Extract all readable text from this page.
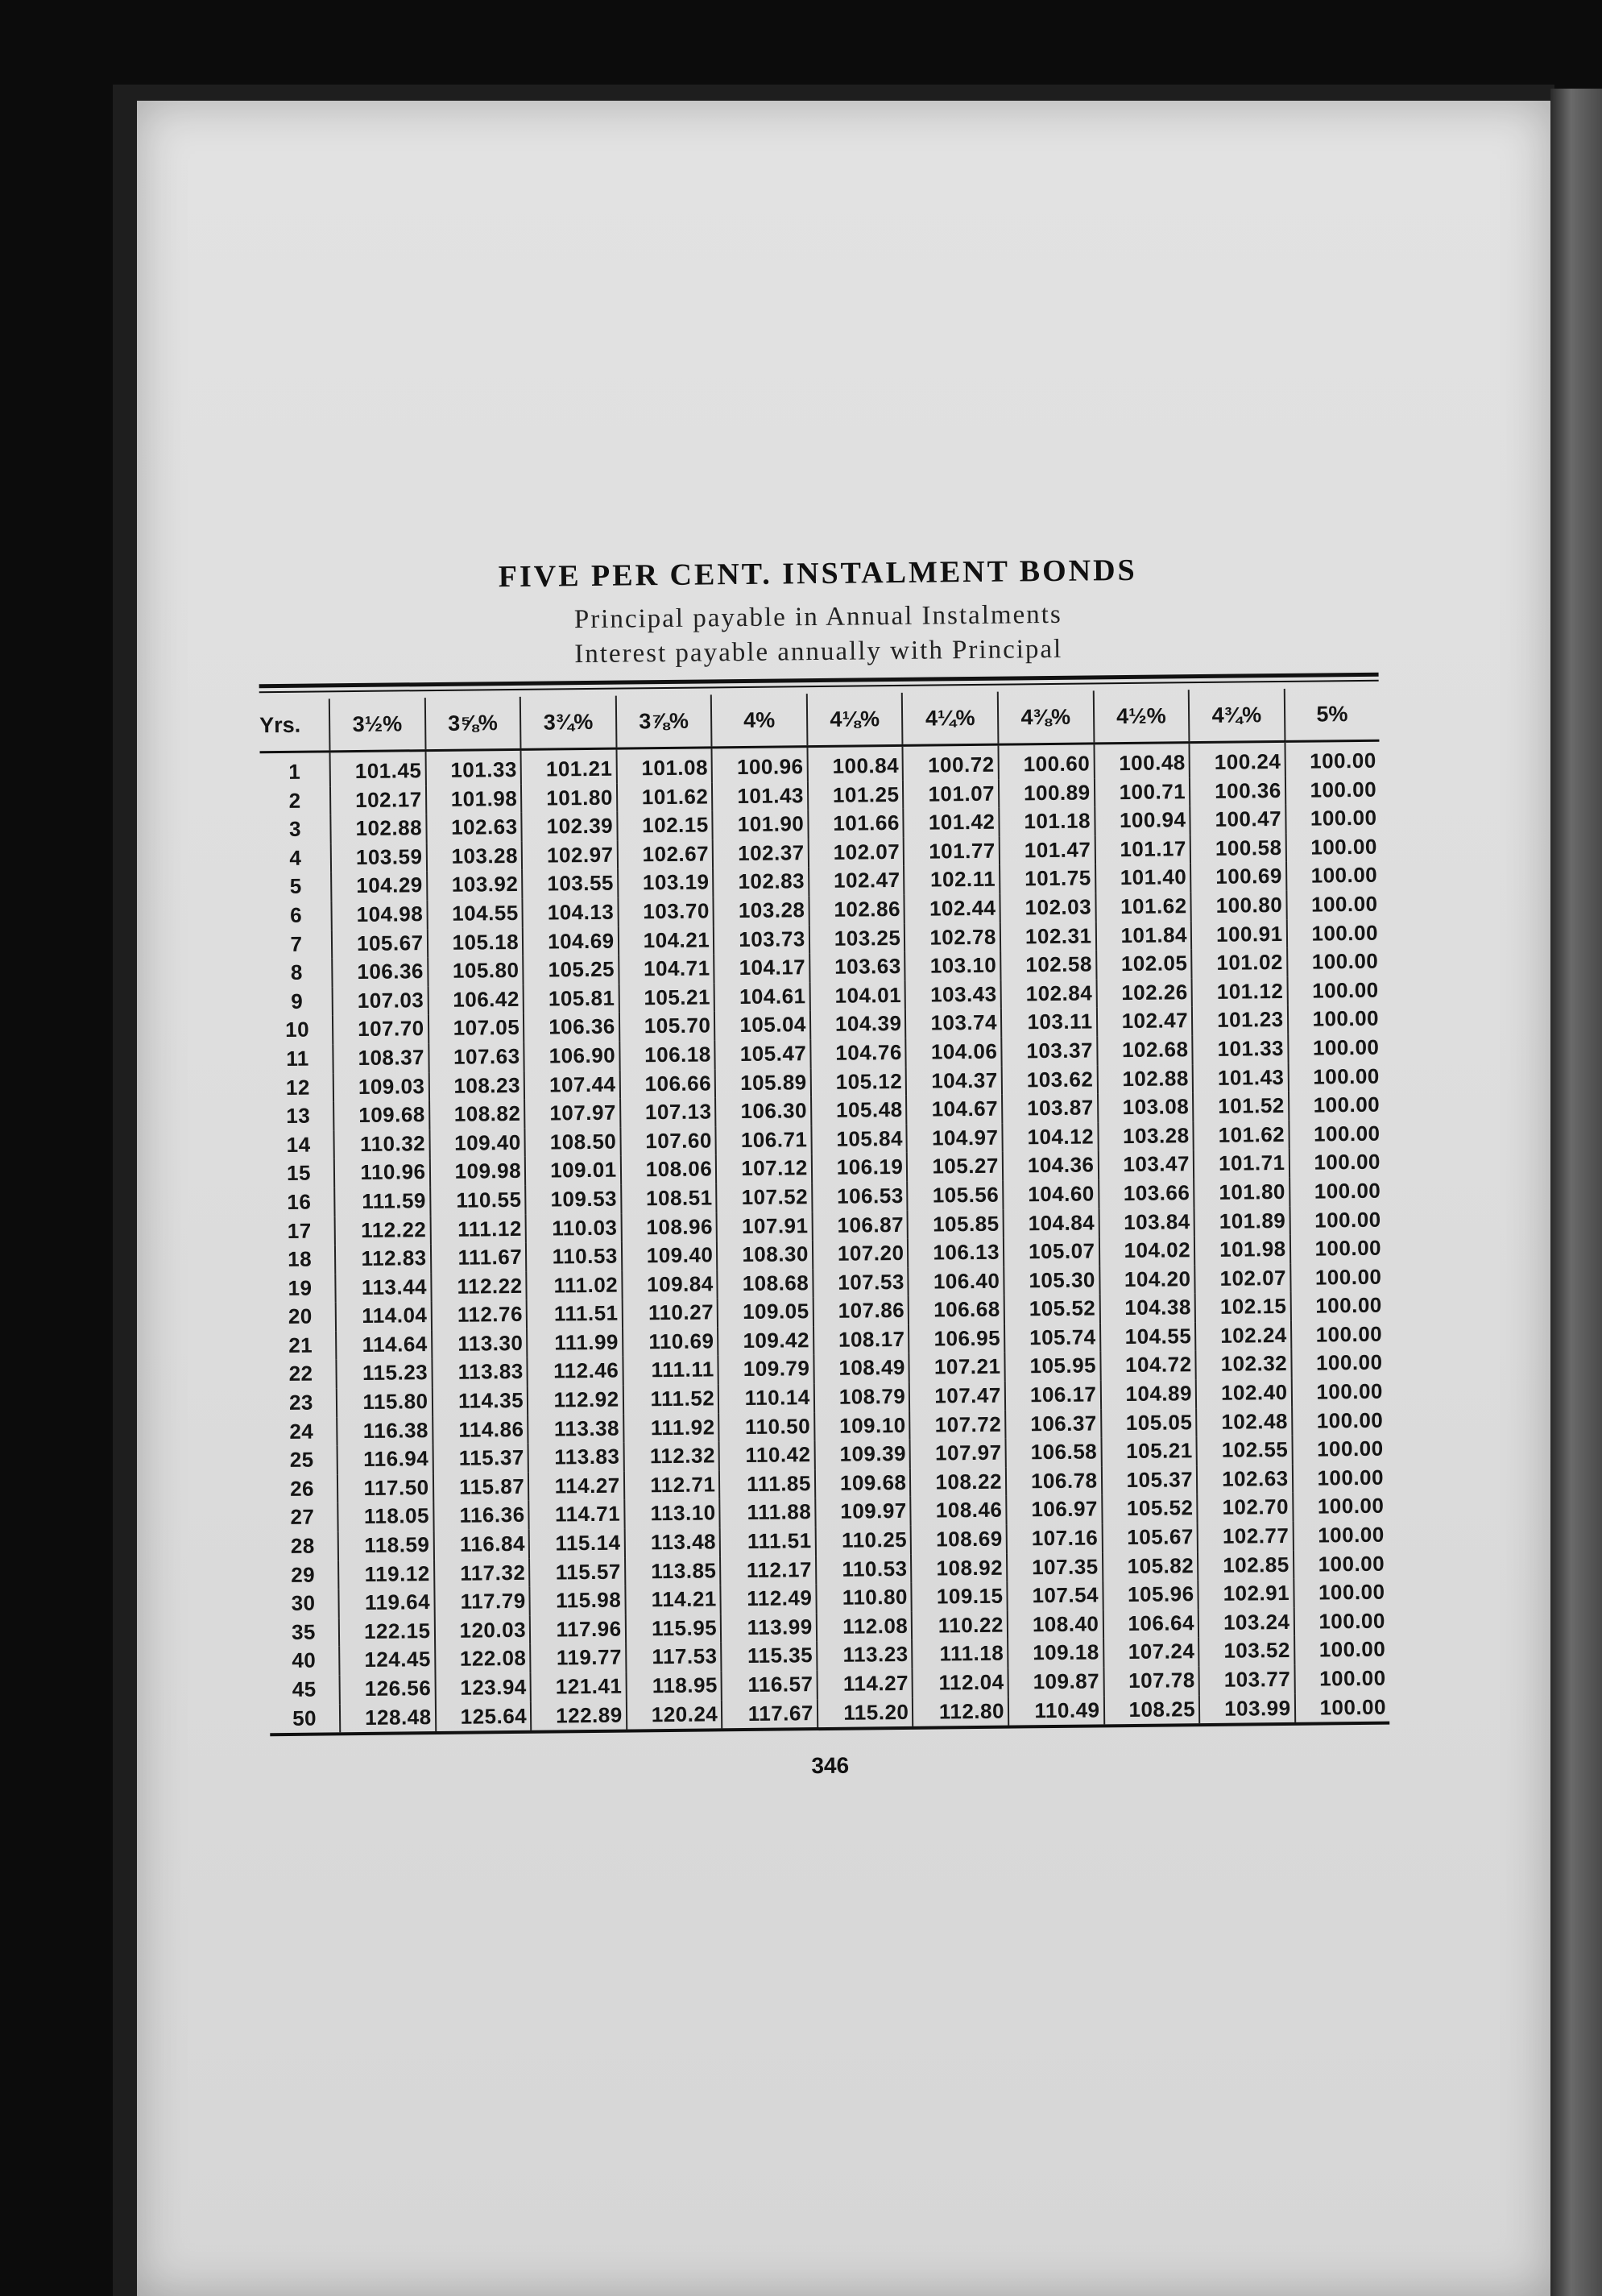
FIVE PER CENT. INSTALMENT BONDS
Principal payable in Annual Instalments
Interest payable annually with Principal
Yrs.	3½%	3⅝%	3¾%	3⅞%	4%	4⅛%	4¼%	4⅜%	4½%	4¾%	5%
1	101.45	101.33	101.21	101.08	100.96	100.84	100.72	100.60	100.48	100.24	100.00
2	102.17	101.98	101.80	101.62	101.43	101.25	101.07	100.89	100.71	100.36	100.00
3	102.88	102.63	102.39	102.15	101.90	101.66	101.42	101.18	100.94	100.47	100.00
4	103.59	103.28	102.97	102.67	102.37	102.07	101.77	101.47	101.17	100.58	100.00
5	104.29	103.92	103.55	103.19	102.83	102.47	102.11	101.75	101.40	100.69	100.00
6	104.98	104.55	104.13	103.70	103.28	102.86	102.44	102.03	101.62	100.80	100.00
7	105.67	105.18	104.69	104.21	103.73	103.25	102.78	102.31	101.84	100.91	100.00
8	106.36	105.80	105.25	104.71	104.17	103.63	103.10	102.58	102.05	101.02	100.00
9	107.03	106.42	105.81	105.21	104.61	104.01	103.43	102.84	102.26	101.12	100.00
10	107.70	107.05	106.36	105.70	105.04	104.39	103.74	103.11	102.47	101.23	100.00
11	108.37	107.63	106.90	106.18	105.47	104.76	104.06	103.37	102.68	101.33	100.00
12	109.03	108.23	107.44	106.66	105.89	105.12	104.37	103.62	102.88	101.43	100.00
13	109.68	108.82	107.97	107.13	106.30	105.48	104.67	103.87	103.08	101.52	100.00
14	110.32	109.40	108.50	107.60	106.71	105.84	104.97	104.12	103.28	101.62	100.00
15	110.96	109.98	109.01	108.06	107.12	106.19	105.27	104.36	103.47	101.71	100.00
16	111.59	110.55	109.53	108.51	107.52	106.53	105.56	104.60	103.66	101.80	100.00
17	112.22	111.12	110.03	108.96	107.91	106.87	105.85	104.84	103.84	101.89	100.00
18	112.83	111.67	110.53	109.40	108.30	107.20	106.13	105.07	104.02	101.98	100.00
19	113.44	112.22	111.02	109.84	108.68	107.53	106.40	105.30	104.20	102.07	100.00
20	114.04	112.76	111.51	110.27	109.05	107.86	106.68	105.52	104.38	102.15	100.00
21	114.64	113.30	111.99	110.69	109.42	108.17	106.95	105.74	104.55	102.24	100.00
22	115.23	113.83	112.46	111.11	109.79	108.49	107.21	105.95	104.72	102.32	100.00
23	115.80	114.35	112.92	111.52	110.14	108.79	107.47	106.17	104.89	102.40	100.00
24	116.38	114.86	113.38	111.92	110.50	109.10	107.72	106.37	105.05	102.48	100.00
25	116.94	115.37	113.83	112.32	110.42	109.39	107.97	106.58	105.21	102.55	100.00
26	117.50	115.87	114.27	112.71	111.85	109.68	108.22	106.78	105.37	102.63	100.00
27	118.05	116.36	114.71	113.10	111.88	109.97	108.46	106.97	105.52	102.70	100.00
28	118.59	116.84	115.14	113.48	111.51	110.25	108.69	107.16	105.67	102.77	100.00
29	119.12	117.32	115.57	113.85	112.17	110.53	108.92	107.35	105.82	102.85	100.00
30	119.64	117.79	115.98	114.21	112.49	110.80	109.15	107.54	105.96	102.91	100.00
35	122.15	120.03	117.96	115.95	113.99	112.08	110.22	108.40	106.64	103.24	100.00
40	124.45	122.08	119.77	117.53	115.35	113.23	111.18	109.18	107.24	103.52	100.00
45	126.56	123.94	121.41	118.95	116.57	114.27	112.04	109.87	107.78	103.77	100.00
50	128.48	125.64	122.89	120.24	117.67	115.20	112.80	110.49	108.25	103.99	100.00
346
